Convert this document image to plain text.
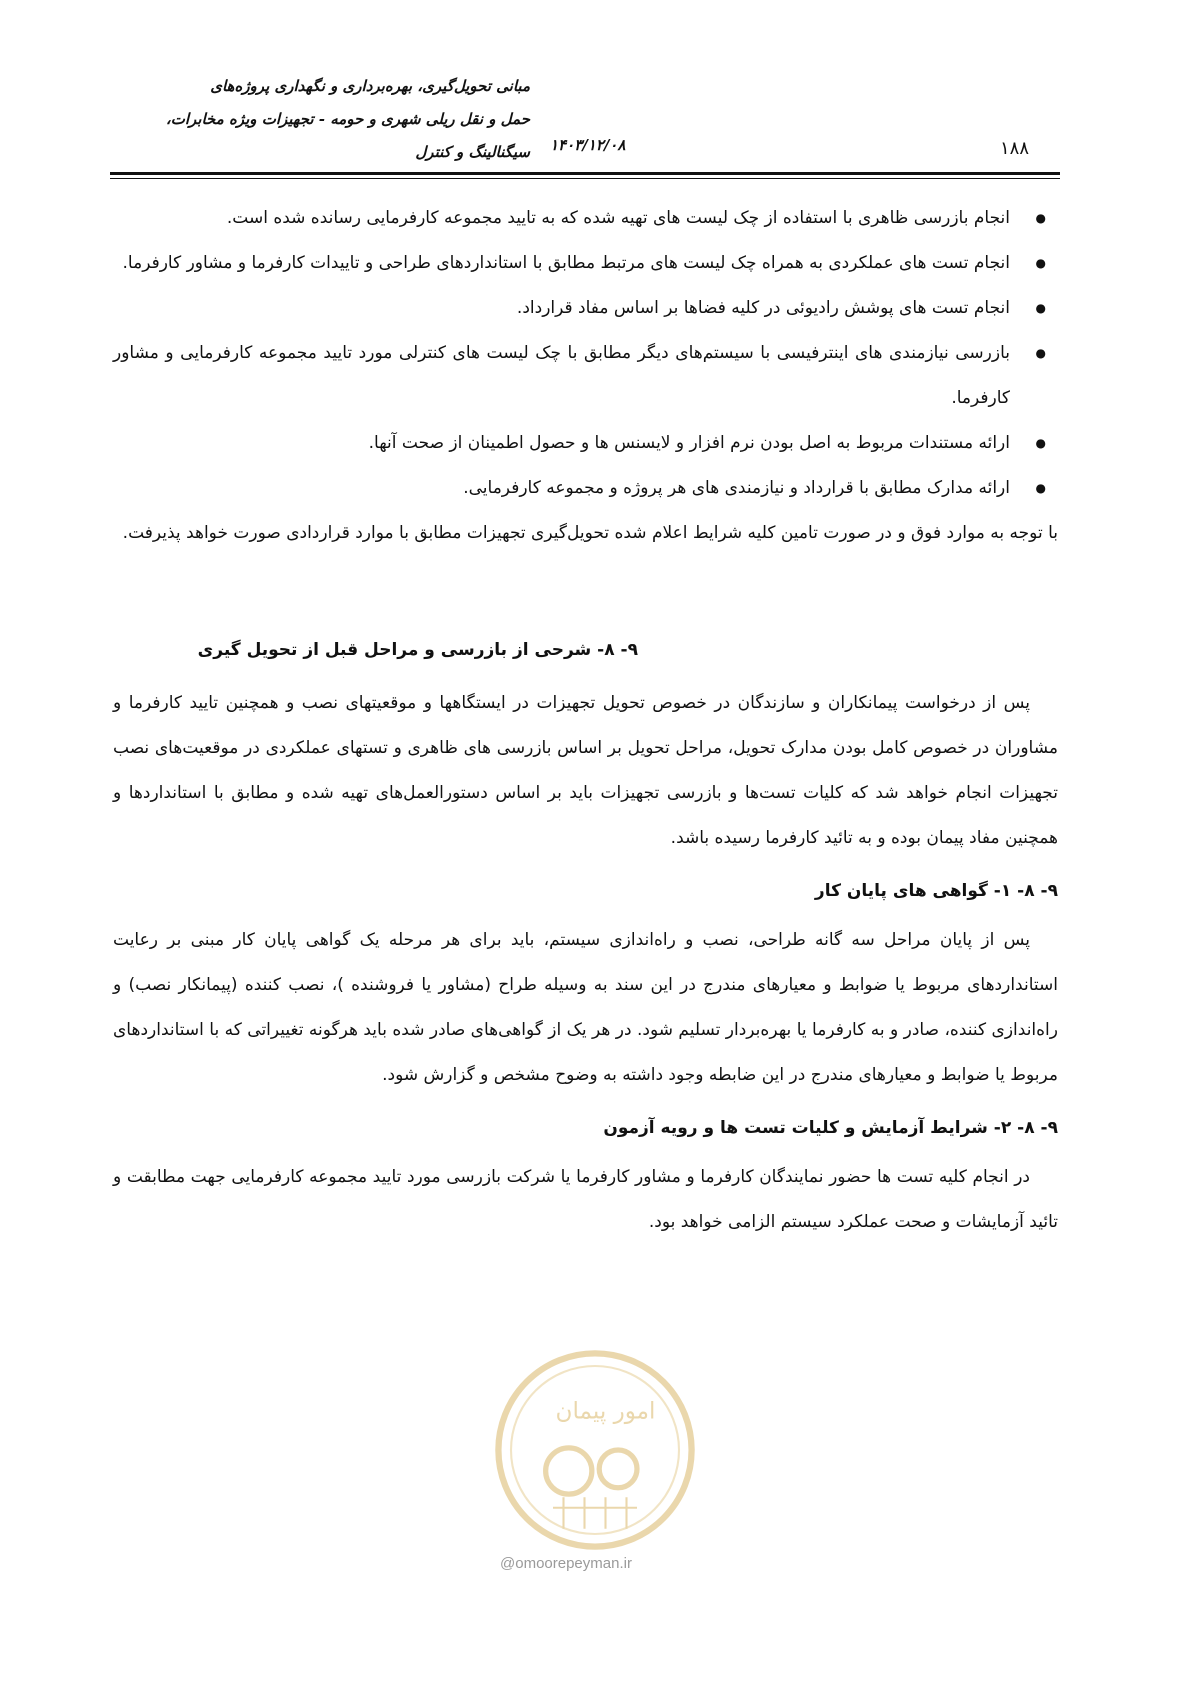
مبانی تحویل‌گیری، بهره‌برداری و نگهداری پروژه‌های
حمل و نقل ریلی شهری و حومه - تجهیزات ویژه مخابرات،
سیگنالینگ و کنترل ۱۴۰۳/۱۲/۰۸	۱۸۸
● انجام بازرسی ظاهری با استفاده از چک لیست های تهیه شده که به تایید مجموعه کارفرمایی رسانده شده است.
● انجام تست های عملکردی به همراه چک لیست های مرتبط مطابق با استانداردهای طراحی و تاییدات کارفرما و مشاور کارفرما.
● انجام تست های پوشش رادیوئی در کلیه فضاها بر اساس مفاد قرارداد.
● بازرسی نیازمندی های اینترفیسی با سیستم‌های دیگر مطابق با چک لیست های کنترلی مورد تایید مجموعه کارفرمایی و مشاور کارفرما.
● ارائه مستندات مربوط به اصل بودن نرم افزار و لایسنس ها و حصول اطمینان از صحت آنها.
● ارائه مدارک مطابق با قرارداد و نیازمندی های هر پروژه و مجموعه کارفرمایی.

با توجه به موارد فوق و در صورت تامین کلیه شرایط اعلام شده تحویل‌گیری تجهیزات مطابق با موارد قراردادی صورت خواهد پذیرفت.

۹- ۸- شرحی از بازرسی و مراحل قبل از تحویل گیری

پس از درخواست پیمانکاران و سازندگان در خصوص تحویل تجهیزات در ایستگاهها و موقعیتهای نصب و همچنین تایید کارفرما و مشاوران در خصوص کامل بودن مدارک تحویل، مراحل تحویل بر اساس بازرسی های ظاهری و تستهای عملکردی در موقعیت‌های نصب تجهیزات انجام خواهد شد که کلیات تست‌ها و بازرسی تجهیزات باید بر اساس دستورالعمل‌های تهیه شده و مطابق با استانداردها و همچنین مفاد پیمان بوده و به تائید کارفرما رسیده باشد.

۹- ۸- ۱- گواهی های پایان کار

پس از پایان مراحل سه گانه طراحی، نصب و راه‌اندازی سیستم، باید برای هر مرحله یک گواهی پایان کار مبنی بر رعایت استانداردهای مربوط یا ضوابط و معیارهای مندرج در این سند به وسیله طراح (مشاور یا فروشنده )، نصب کننده (پیمانکار نصب) و راه‌اندازی کننده، صادر و به کارفرما یا بهره‌بردار تسلیم شود. در هر یک از گواهی‌های صادر شده باید هرگونه تغییراتی که با استانداردهای مربوط یا ضوابط و معیارهای مندرج در این ضابطه وجود داشته به وضوح مشخص و گزارش شود.

۹- ۸- ۲- شرایط آزمایش و کلیات تست ها و رویه آزمون

در انجام کلیه تست ها حضور نمایندگان کارفرما و مشاور کارفرما یا شرکت بازرسی مورد تایید مجموعه کارفرمایی جهت مطابقت و تائید آزمایشات و صحت عملکرد سیستم الزامی خواهد بود.

امور پیمان
@omoorepeyman.ir
